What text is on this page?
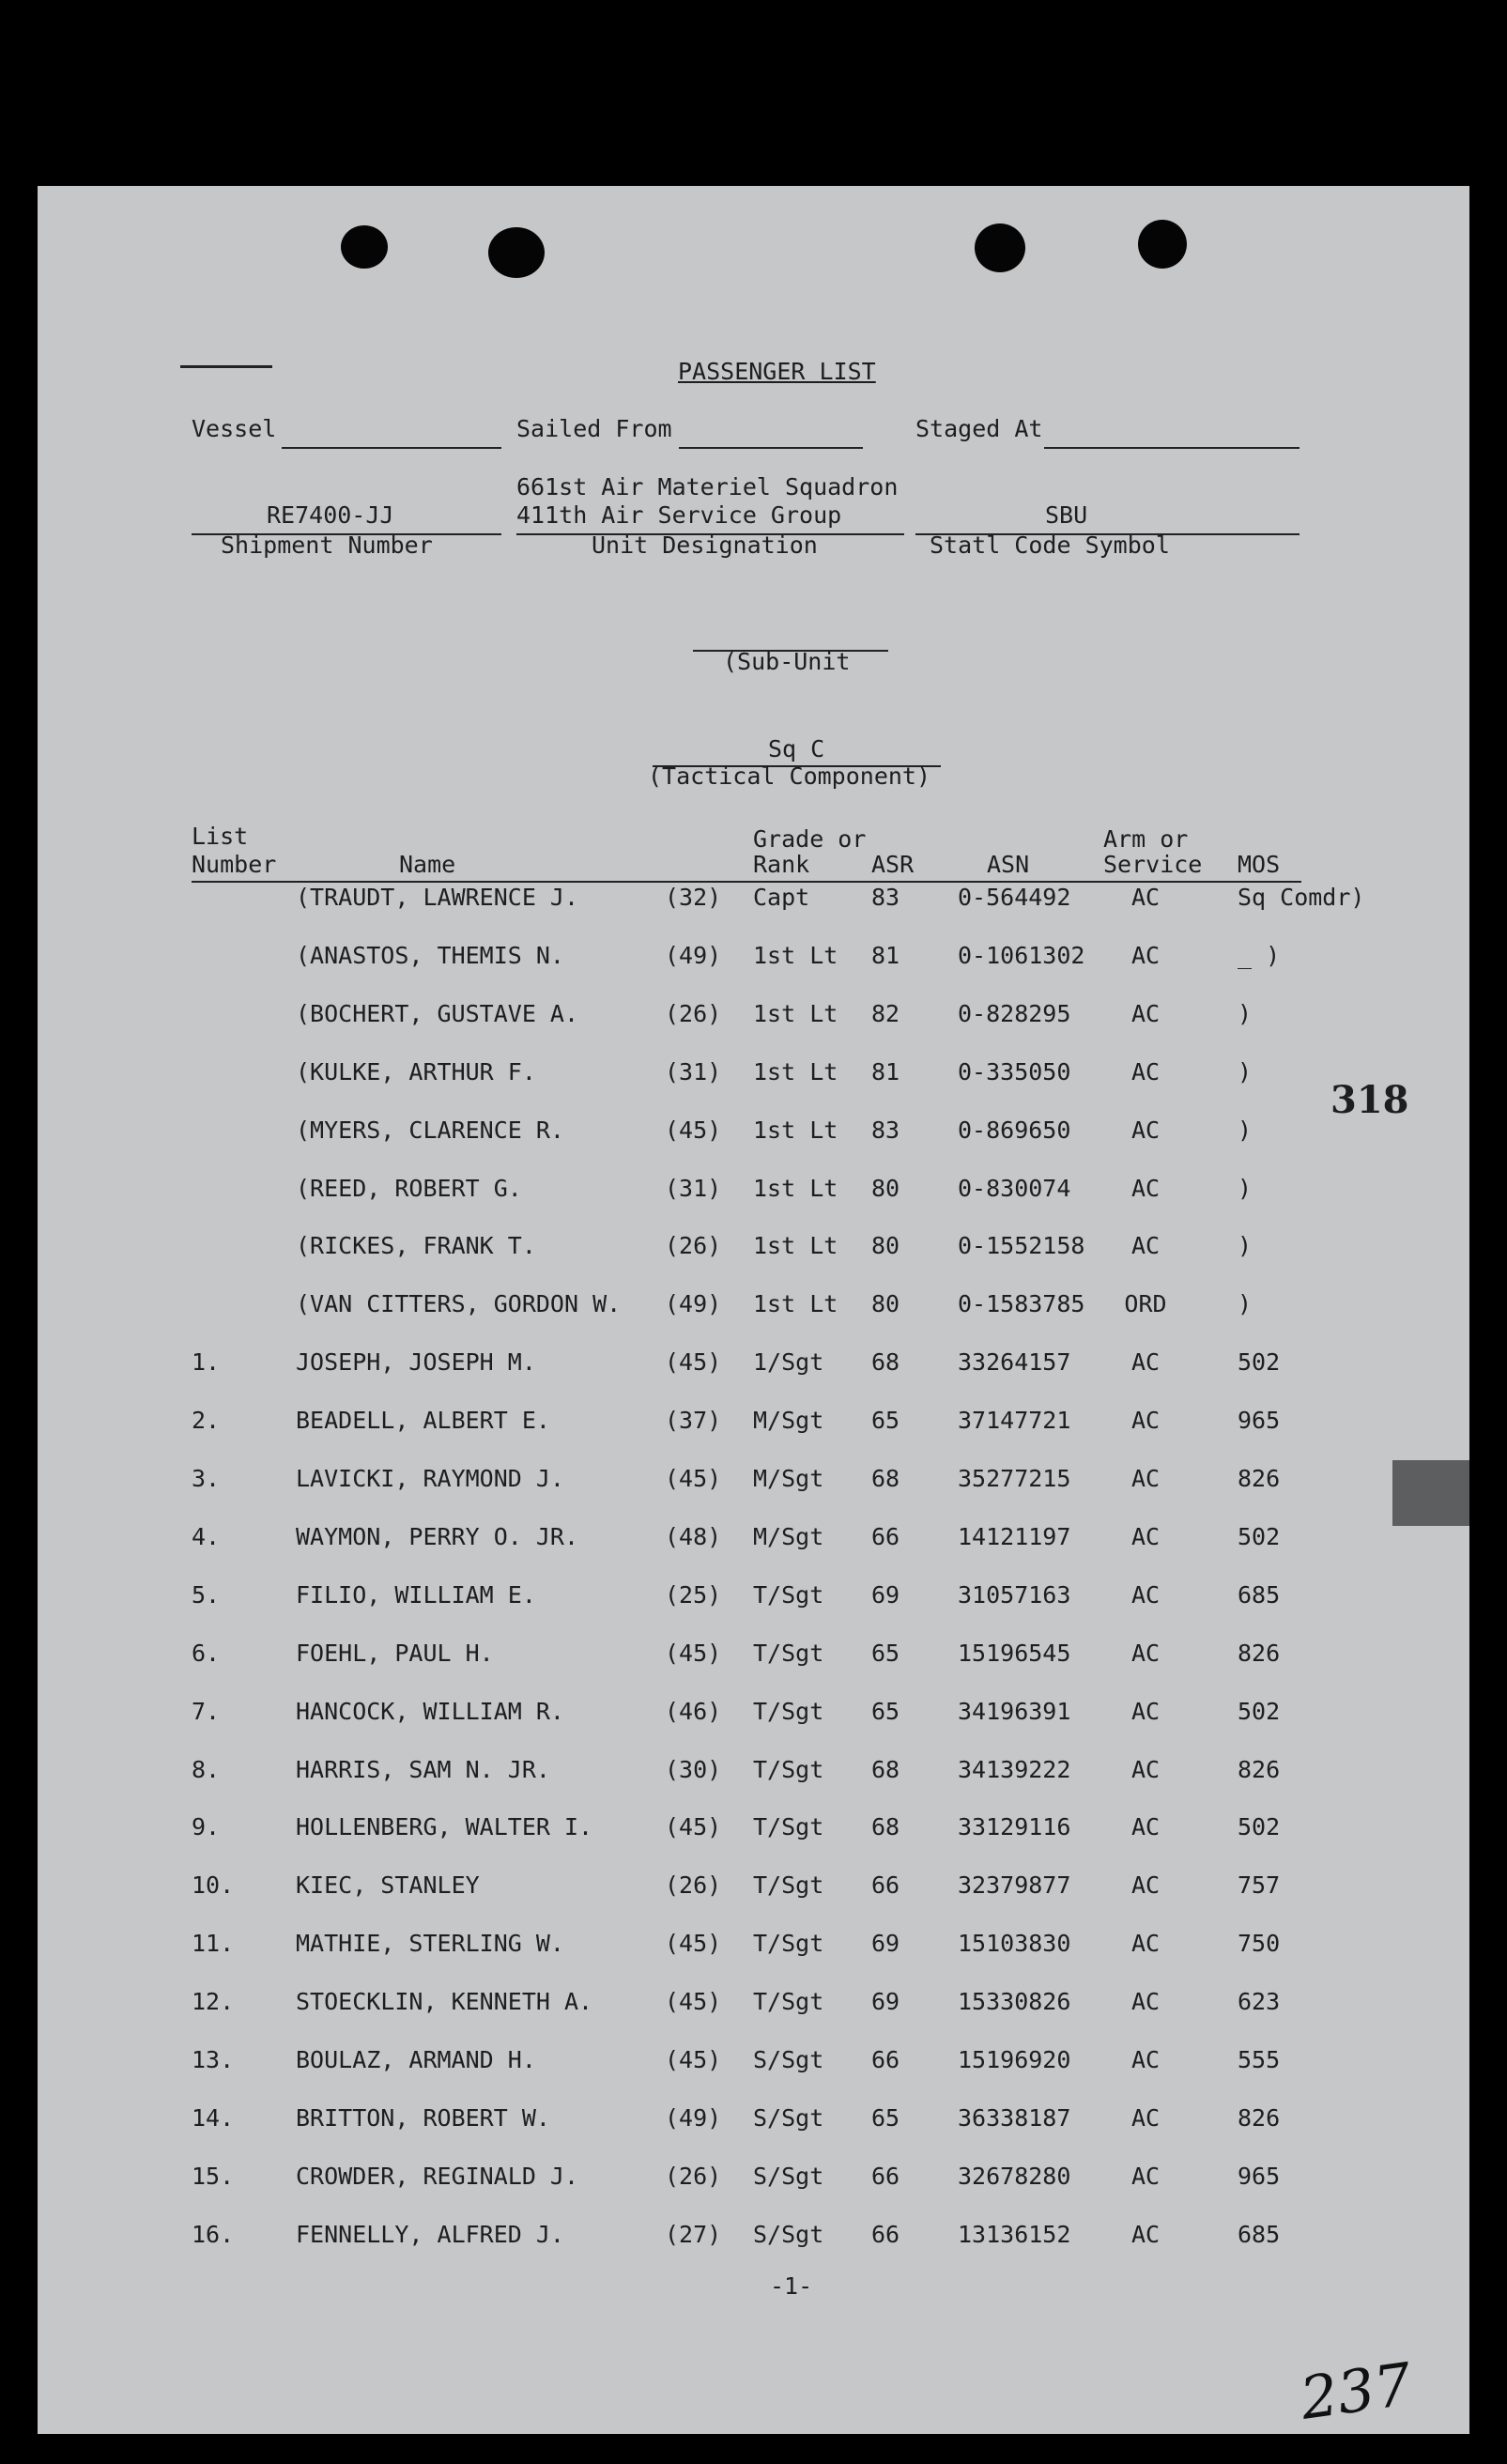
PASSENGER LIST
Vessel	Sailed From	Staged At
661st Air Materiel Squadron
RE7400-JJ	411th Air Service Group	SBU
Shipment Number	Unit Designation	Statl Code Symbol
(Sub-Unit
Sq C
(Tactical Component)
List
Number	Name
Grade or
Rank	ASR	ASN
Arm or
Service MOS
(TRAUDT, LAWRENCE J.	(32) Capt	83 0-564492	AC	Sq Comdr)
(ANASTOS, THEMIS N.	(49) 1st Lt 81 0-1061302 AC	_ )
(BOCHERT, GUSTAVE A.	(26) 1st Lt 82 0-828295	AC	)
(KULKE, ARTHUR F.	(31) 1st Lt 81 0-335050	AC	)
(MYERS, CLARENCE R.	(45) 1st Lt 83 0-869650	AC	)
(REED, ROBERT G.	(31) 1st Lt 80 0-830074	AC	)
(RICKES, FRANK T.	(26) 1st Lt 80 0-1552158 AC	)
(VAN CITTERS, GORDON W. (49) 1st Lt 80 0-1583785 ORD	)
1.	JOSEPH, JOSEPH M.	(45) 1/Sgt 68 33264157	AC	502
2.	BEADELL, ALBERT E.	(37) M/Sgt 65 37147721	AC	965
3.	LAVICKI, RAYMOND J.	(45) M/Sgt 68 35277215	AC	826
4.	WAYMON, PERRY O. JR.	(48) M/Sgt 66 14121197	AC	502
5.	FILIO, WILLIAM E.	(25) T/Sgt 69 31057163	AC	685
6.	FOEHL, PAUL H.	(45) T/Sgt 65 15196545	AC	826
7.	HANCOCK, WILLIAM R.	(46) T/Sgt 65 34196391	AC	502
8.	HARRIS, SAM N. JR.	(30) T/Sgt 68 34139222	AC	826
9.	HOLLENBERG, WALTER I.	(45) T/Sgt 68 33129116	AC	502
10.	KIEC, STANLEY	(26) T/Sgt 66 32379877	AC	757
11.	MATHIE, STERLING W.	(45) T/Sgt 69 15103830	AC	750
12.	STOECKLIN, KENNETH A.	(45) T/Sgt 69 15330826	AC	623
13.	BOULAZ, ARMAND H.	(45) S/Sgt 66 15196920	AC	555
14.	BRITTON, ROBERT W.	(49) S/Sgt 65 36338187	AC	826
15.	CROWDER, REGINALD J.	(26) S/Sgt 66 32678280	AC	965
16.	FENNELLY, ALFRED J.	(27) S/Sgt 66 13136152	AC	685
-1-
318
237
